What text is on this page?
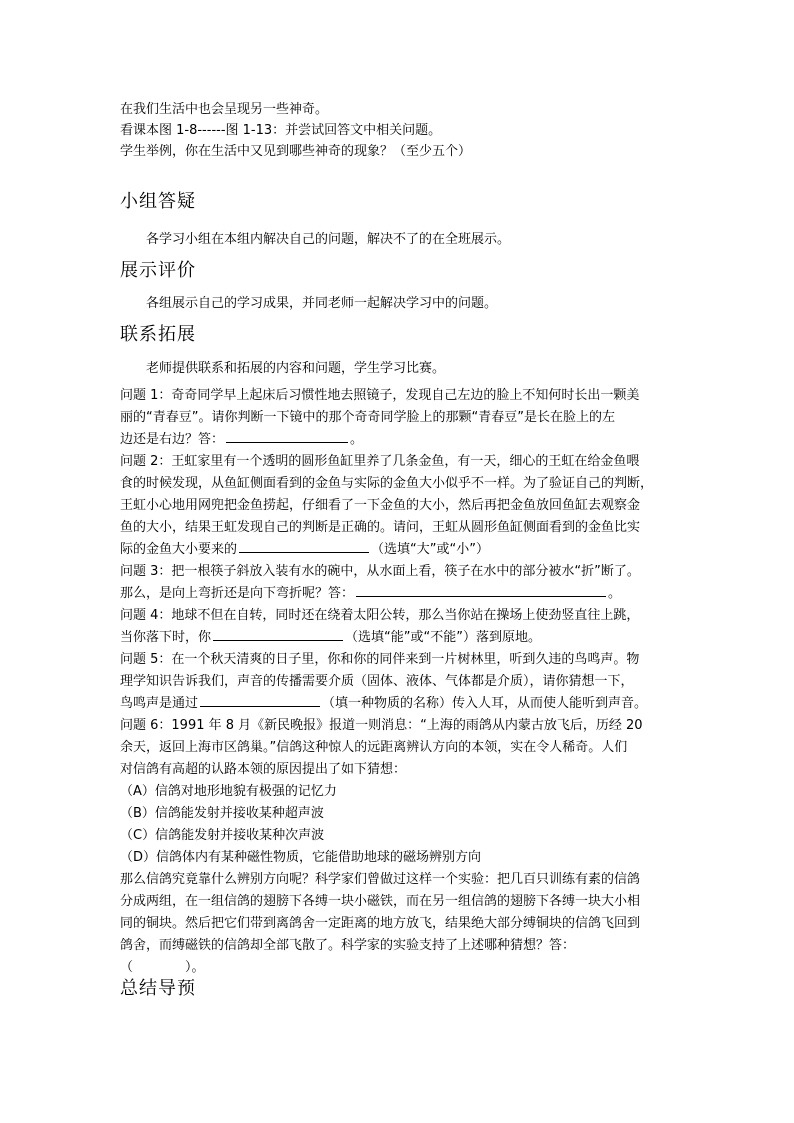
在我们生活中也会呈现另一些神奇。
看课本图 1-8------图 1-13：并尝试回答文中相关问题。
学生举例，你在生活中又见到哪些神奇的现象？（至少五个）
小组答疑
各学习小组在本组内解决自己的问题，解决不了的在全班展示。
展示评价
各组展示自己的学习成果，并同老师一起解决学习中的问题。
联系拓展
老师提供联系和拓展的内容和问题，学生学习比赛。
问题 1：奇奇同学早上起床后习惯性地去照镜子，发现自己左边的脸上不知何时长出一颗美
丽的“青春豆”。请你判断一下镜中的那个奇奇同学脸上的那颗“青春豆”是长在脸上的左
边还是右边？答：	。
问题 2：王虹家里有一个透明的圆形鱼缸里养了几条金鱼，有一天，细心的王虹在给金鱼喂
食的时候发现，从鱼缸侧面看到的金鱼与实际的金鱼大小似乎不一样。为了验证自己的判断，
王虹小心地用网兜把金鱼捞起，仔细看了一下金鱼的大小，然后再把金鱼放回鱼缸去观察金
鱼的大小，结果王虹发现自己的判断是正确的。请问，王虹从圆形鱼缸侧面看到的金鱼比实
际的金鱼大小要来的	（选填“大”或“小”）
问题 3：把一根筷子斜放入装有水的碗中，从水面上看，筷子在水中的部分被水“折”断了。
那么，是向上弯折还是向下弯折呢？答：	。
问题 4：地球不但在自转，同时还在绕着太阳公转，那么当你站在操场上使劲竖直往上跳，
当你落下时，你	（选填“能”或“不能”）落到原地。
问题 5：在一个秋天清爽的日子里，你和你的同伴来到一片树林里，听到久违的鸟鸣声。物
理学知识告诉我们，声音的传播需要介质（固体、液体、气体都是介质），请你猜想一下，
鸟鸣声是通过	（填一种物质的名称）传入人耳，从而使人能听到声音。
问题 6：1991 年 8 月《新民晚报》报道一则消息：“上海的雨鸽从内蒙古放飞后，历经 20
余天，返回上海市区鸽巢。”信鸽这种惊人的远距离辨认方向的本领，实在令人稀奇。人们
对信鸽有高超的认路本领的原因提出了如下猜想：
（A）信鸽对地形地貌有极强的记忆力
（B）信鸽能发射并接收某种超声波
（C）信鸽能发射并接收某种次声波
（D）信鸽体内有某种磁性物质，它能借助地球的磁场辨别方向
那么信鸽究竟靠什么辨别方向呢？科学家们曾做过这样一个实验：把几百只训练有素的信鸽
分成两组，在一组信鸽的翅膀下各缚一块小磁铁，而在另一组信鸽的翅膀下各缚一块大小相
同的铜块。然后把它们带到离鸽舍一定距离的地方放飞，结果绝大部分缚铜块的信鸽飞回到
鸽舍，而缚磁铁的信鸽却全部飞散了。科学家的实验支持了上述哪种猜想？答：
（　　　　）。
总结导预
